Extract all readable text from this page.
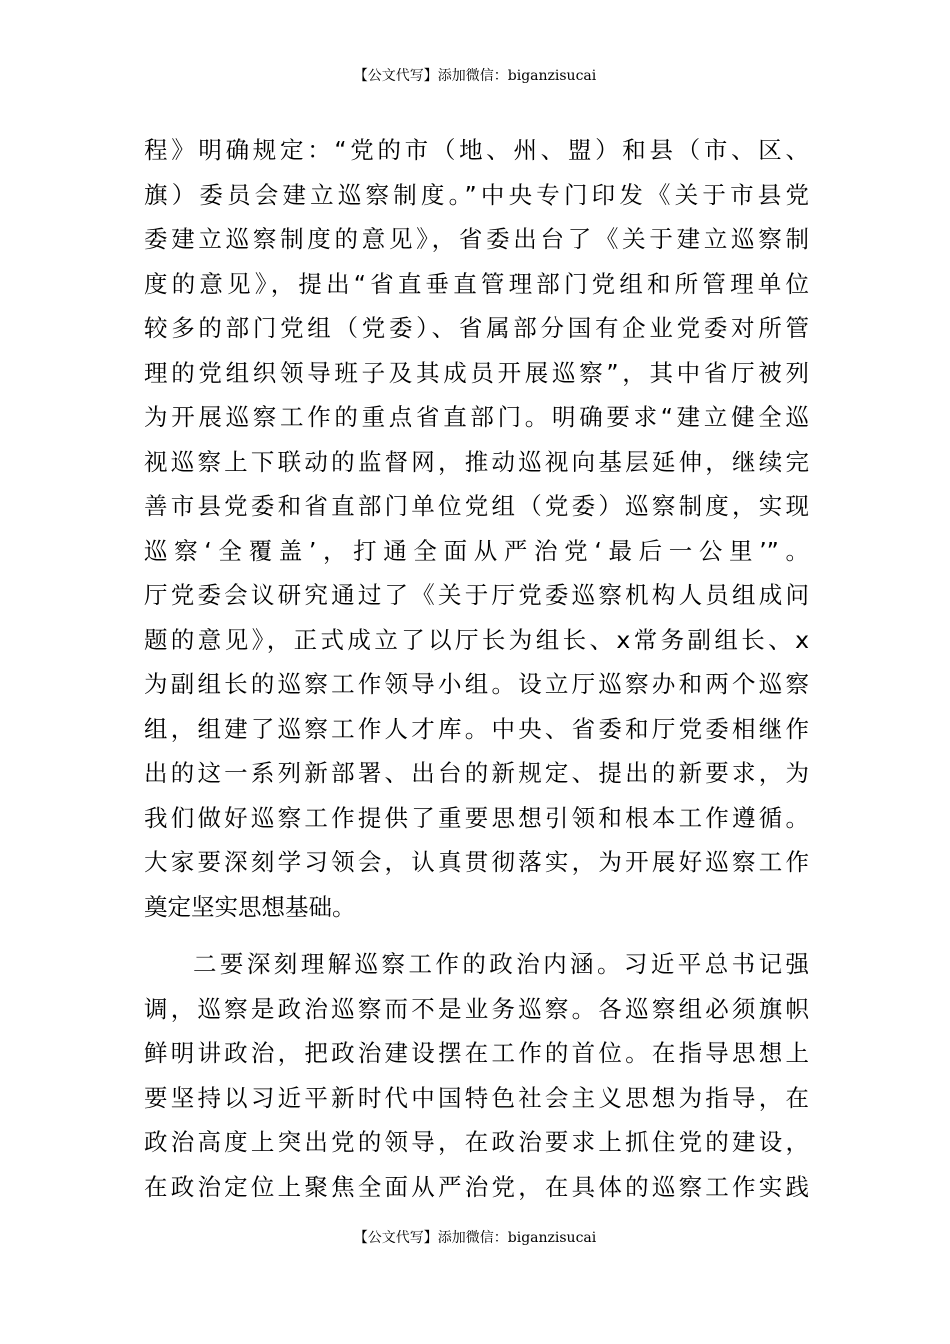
【公文代写】添加微信：biganzisucai
程》明确规定：“党的市（地、州、盟）和县（市、区、
旗）委员会建立巡察制度。”中央专门印发《关于市县党
委建立巡察制度的意见》，省委出台了《关于建立巡察制
度的意见》，提出“省直垂直管理部门党组和所管理单位
较多的部门党组（党委）、省属部分国有企业党委对所管
理的党组织领导班子及其成员开展巡察”，其中省厅被列
为开展巡察工作的重点省直部门。明确要求“建立健全巡
视巡察上下联动的监督网，推动巡视向基层延伸，继续完
善市县党委和省直部门单位党组（党委）巡察制度，实现
巡察‘全覆盖’，打通全面从严治党‘最后一公里’”。
厅党委会议研究通过了《关于厅党委巡察机构人员组成问
题的意见》，正式成立了以厅长为组长、x常务副组长、x
为副组长的巡察工作领导小组。设立厅巡察办和两个巡察
组，组建了巡察工作人才库。中央、省委和厅党委相继作
出的这一系列新部署、出台的新规定、提出的新要求，为
我们做好巡察工作提供了重要思想引领和根本工作遵循。
大家要深刻学习领会，认真贯彻落实，为开展好巡察工作
奠定坚实思想基础。
二要深刻理解巡察工作的政治内涵。习近平总书记强
调，巡察是政治巡察而不是业务巡察。各巡察组必须旗帜
鲜明讲政治，把政治建设摆在工作的首位。在指导思想上
要坚持以习近平新时代中国特色社会主义思想为指导，在
政治高度上突出党的领导，在政治要求上抓住党的建设，
在政治定位上聚焦全面从严治党，在具体的巡察工作实践
【公文代写】添加微信：biganzisucai
